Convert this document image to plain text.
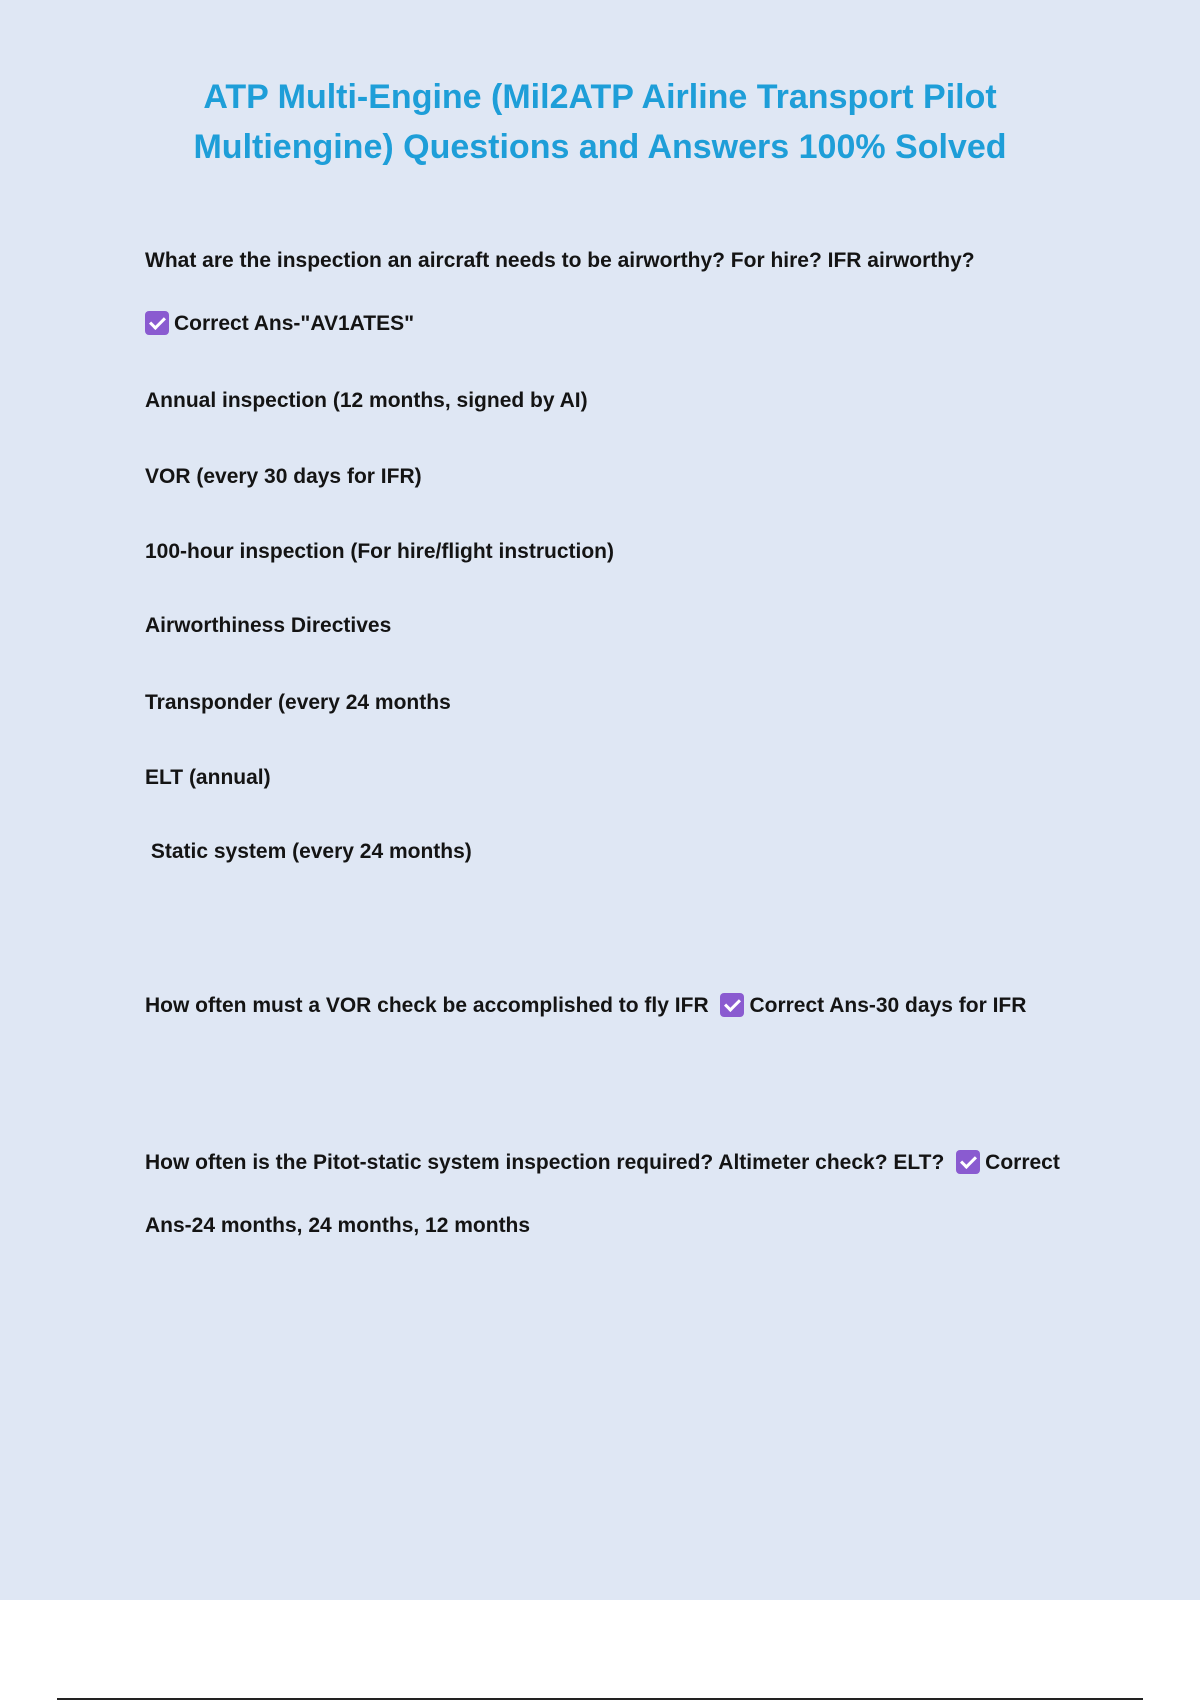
ATP Multi-Engine (Mil2ATP Airline Transport Pilot
Multiengine) Questions and Answers 100% Solved
What are the inspection an aircraft needs to be airworthy? For hire? IFR airworthy?
Correct Ans-"AV1ATES"
Annual inspection (12 months, signed by AI)
VOR (every 30 days for IFR)
100-hour inspection (For hire/flight instruction)
Airworthiness Directives
Transponder (every 24 months
ELT (annual)
Static system (every 24 months)
How often must a VOR check be accomplished to fly IFR Correct Ans-30 days for IFR
How often is the Pitot-static system inspection required? Altimeter check? ELT? Correct
Ans-24 months, 24 months, 12 months
